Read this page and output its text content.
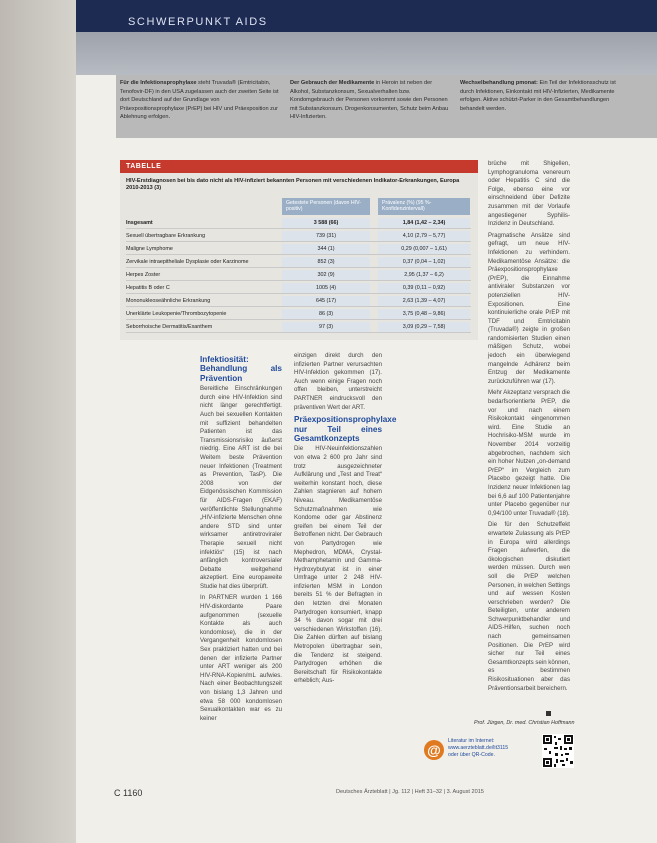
SCHWERPUNKT AIDS
Für die Infektionsprophylaxe steht Truvada® (Emtricitabin, Tenofovir-DF) in den USA zugelassen auch der zweiten Seite ist dort Deutschland auf der Grundlage von Präexpositionsprophylaxe (PrEP) bei HIV und Präexposition zur Ablehnung erfolgen.
Der Gebrauch der Medikamente in Heroin ist neben der Alkohol, Substanzkonsum, Sexualverhalten bzw. Kondomgebrauch der Personen vorkommt sowie den Personen mit Substanzkonsum. Drogenkonsumenten, Schutz beim Anbau HIV-Infizierten.
Wechselbehandlung pmonat: Ein Teil der Infektionsschutz ist durch Infektionen, Einkontakt mit HIV-Infizierten, Medikamente erfolgen. Aktive schützt-Parker in den Gesamtbehandlungen behandelt werden.
TABELLE
HIV-Erstdiagnosen bei bis dato nicht als HIV-infiziert bekannten Personen mit verschiedenen Indikator-Erkrankungen, Europa 2010-2013 (3)
Getestete Personen (davon HIV-positiv)
Prävalenz (%) (95 %-Konfidenzintervall)
Insgesamt	3 588 (66)	1,84 (1,42 – 2,34)
Sexuell übertragbare Erkrankung	739 (31)	4,10 (2,79 – 5,77)
Maligne Lymphome	344 (1)	0,29 (0,007 – 1,61)
Zervikale intraepitheliale Dysplasie oder Karzinome	852 (3)	0,37 (0,04 – 1,02)
Herpes Zoster	302 (9)	2,95 (1,37 – 6,2)
Hepatitis B oder C	1005 (4)	0,39 (0,11 – 0,92)
Mononukleoseähnliche Erkrankung	645 (17)	2,63 (1,39 – 4,07)
Unerklärte Leukopenie/Thrombozytopenie	86 (3)	3,75 (0,48 – 9,86)
Seborrhoische Dermatitis/Exanthem	97 (3)	3,09 (0,29 – 7,58)
Infektiosität: Behandlung als Prävention

Bereitliche Einschränkungen durch eine HIV-Infektion sind nicht länger gerechtfertigt. Auch bei sexuellen Kontakten mit suffizient behandelten Patienten ist das Transmissionsrisiko äußerst niedrig. Eine ART ist die bei Weitem beste Prävention neuer Infektionen (Treatment as Prevention, TasP). Die 2008 von der Eidgenössischen Kommission für AIDS-Fragen (EKAF) veröffentlichte Stellungnahme „HIV-infizierte Menschen ohne andere STD sind unter wirksamer antiretroviraler Therapie sexuell nicht infektiös“ (15) ist nach anfänglich kontroversialer Debatte weitgehend akzeptiert. Eine europaweite Studie hat dies überprüft.

In PARTNER wurden 1 166 HIV-diskordante Paare aufgenommen (sexuelle Kontakte als auch kondomlose), die in der Vergangenheit kondomlosen Sex praktiziert hatten und bei denen der infizierte Partner unter ART weniger als 200 HIV-RNA-Kopien/mL aufwies. Nach einer Beobachtungszeit von bislang 1,3 Jahren und etwa 58 000 kondomlosen Sexualkontakten war es zu keiner

einzigen direkt durch den infizierten Partner verursachten HIV-Infektion gekommen (17). Auch wenn einige Fragen noch offen bleiben, unterstreicht PARTNER eindrucksvoll den präventiven Wert der ART.

Präexpositionsprophylaxe nur Teil eines Gesamtkonzepts

Die HIV-Neuinfektionszahlen von etwa 2 600 pro Jahr sind trotz ausgezeichneter Aufklärung und „Test and Treat“ weiterhin konstant hoch, diese Zahlen stagnieren auf hohem Niveau. Medikamentöse Schutzmaßnahmen wie Kondome oder gar Abstinenz greifen bei einem Teil der Betroffenen nicht. Der Gebrauch von Partydrogen wie Mephedron, MDMA, Crystal-Methamphetamin und Gamma-Hydroxybutyrat ist in einer Umfrage unter 2 248 HIV-infizierten MSM in London bereits 51 % der Befragten in den letzten drei Monaten Partydrogen konsumiert, knapp 34 % davon sogar mit drei verschiedenen Wirkstoffen (16). Die Zahlen dürften auf bislang Metropolen übertragbar sein, die Tendenz ist steigend. Partydrogen erhöhen die Bereitschaft für Risikokontakte erheblich; Aus-

brüche mit Shigellen, Lymphogranuloma venereum oder Hepatitis C sind die Folge, ebenso eine vor einschneidend über Defizite zusammen mit der Vorlaufe angestiegener Syphilis-Inzidenz in Deutschland.

Pragmatische Ansätze sind gefragt, um neue HIV-Infektionen zu verhindern. Medikamentöse Ansätze: die Präexpositionsprophylaxe (PrEP), die Einnahme antiviraler Substanzen vor potenziellen HIV-Expositionen. Eine kontinuierliche orale PrEP mit TDF und Emtricitabin (Truvada®) zeigte in großen randomisierten Studien einen mäßigen Schutz, wobei jedoch ein überwiegend mangelnde Adhärenz beim Entzug der Medikamente zurückzuführen war (17).

Mehr Akzeptanz versprach die bedarfsorientierte PrEP, die vor und nach einem Risikokontakt eingenommen wird. Eine Studie an Hochrisiko-MSM wurde im November 2014 vorzeitig abgebrochen, nachdem sich ein hoher Nutzen „on-demand PrEP“ im Vergleich zum Placebo gezeigt hatte. Die Inzidenz neuer Infektionen lag bei 6,6 auf 100 Patientenjahre unter Placebo gegenüber nur 0,94/100 unter Truvada® (18).

Die für den Schutzeffekt erwartete Zulassung als PrEP in Europa wird allerdings Fragen aufwerfen, die ökologischen diskutiert werden müssen. Durch wen soll die PrEP welchen Personen, in welchen Settings und auf wessen Kosten verschrieben werden? Die Beteiligten, unter anderem Schwerpunktbehandler und AIDS-Hilfen, suchen noch nach gemeinsamen Positionen. Die PrEP wird sicher nur Teil eines Gesamtkonzepts sein können, es bestimmen Risikosituationen aber das Präventionsarbeit bereichern.

Prof. Jürgen, Dr. med. Christian Hoffmann
@
Literatur im Internet:
www.aerzteblatt.de/lit3115
oder über QR-Code.
C 1160	Deutsches Ärzteblatt | Jg. 112 | Heft 31–32 | 3. August 2015
